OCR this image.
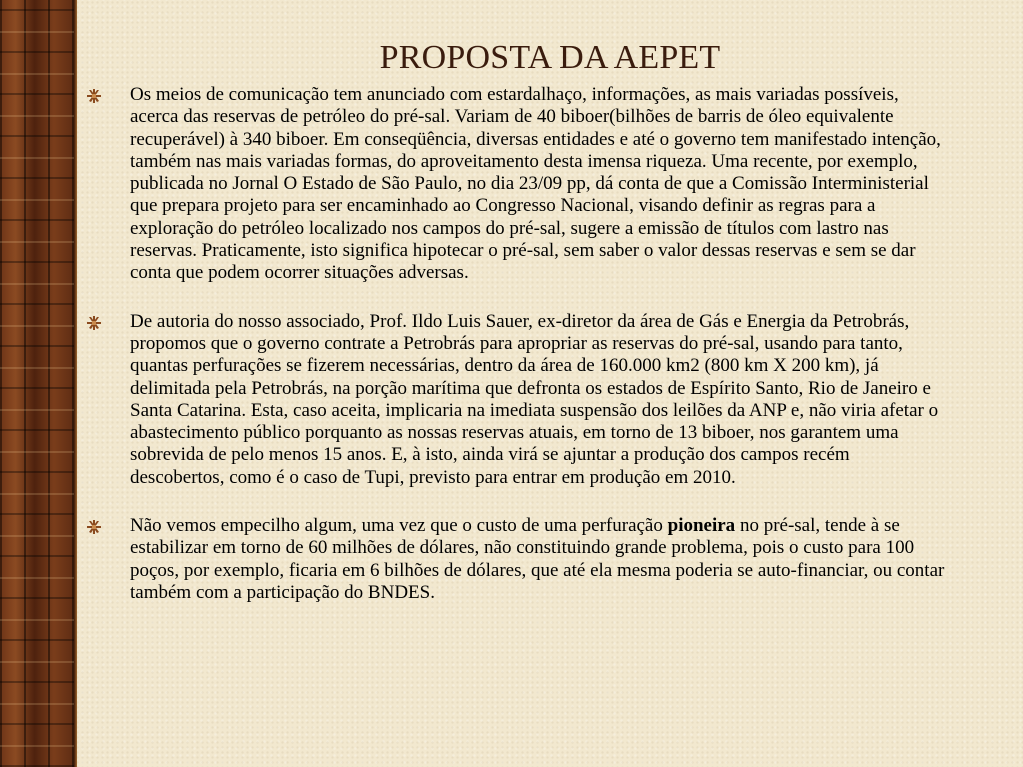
PROPOSTA DA AEPET
Os meios de comunicação tem anunciado com estardalhaço, informações, as mais variadas possíveis, acerca das reservas de petróleo do pré-sal. Variam de 40 biboer(bilhões de barris de óleo equivalente recuperável) à 340 biboer. Em conseqüência, diversas entidades e até o governo tem manifestado intenção, também nas mais variadas formas, do aproveitamento desta imensa riqueza. Uma recente, por exemplo, publicada no Jornal O Estado de São Paulo, no dia 23/09 pp, dá conta de que a Comissão Interministerial que prepara projeto para ser encaminhado ao Congresso Nacional, visando definir as regras para a exploração do petróleo localizado nos campos do pré-sal, sugere a emissão de títulos com lastro nas reservas. Praticamente, isto significa hipotecar o pré-sal, sem saber o valor dessas reservas e sem se dar conta que podem ocorrer situações adversas.
De autoria do nosso associado, Prof. Ildo Luis Sauer, ex-diretor da área de Gás e Energia da Petrobrás, propomos que o governo contrate a Petrobrás para apropriar as reservas do pré-sal, usando para tanto, quantas perfurações se fizerem necessárias, dentro da área de 160.000 km2 (800 km X 200 km), já delimitada pela Petrobrás, na porção marítima que defronta os estados de Espírito Santo, Rio de Janeiro e Santa Catarina. Esta, caso aceita, implicaria na imediata suspensão dos leilões da ANP e, não viria afetar o abastecimento público porquanto as nossas reservas atuais, em torno de 13 biboer, nos garantem uma sobrevida de pelo menos 15 anos. E, à isto, ainda virá se ajuntar a produção dos campos recém descobertos, como é o caso de Tupi, previsto para entrar em produção em 2010.
Não vemos empecilho algum, uma vez que o custo de uma perfuração pioneira no pré-sal, tende à se estabilizar em torno de 60 milhões de dólares, não constituindo grande problema, pois o custo para 100 poços, por exemplo, ficaria em 6 bilhões de dólares, que até ela mesma poderia se auto-financiar, ou contar também com a participação do BNDES.
